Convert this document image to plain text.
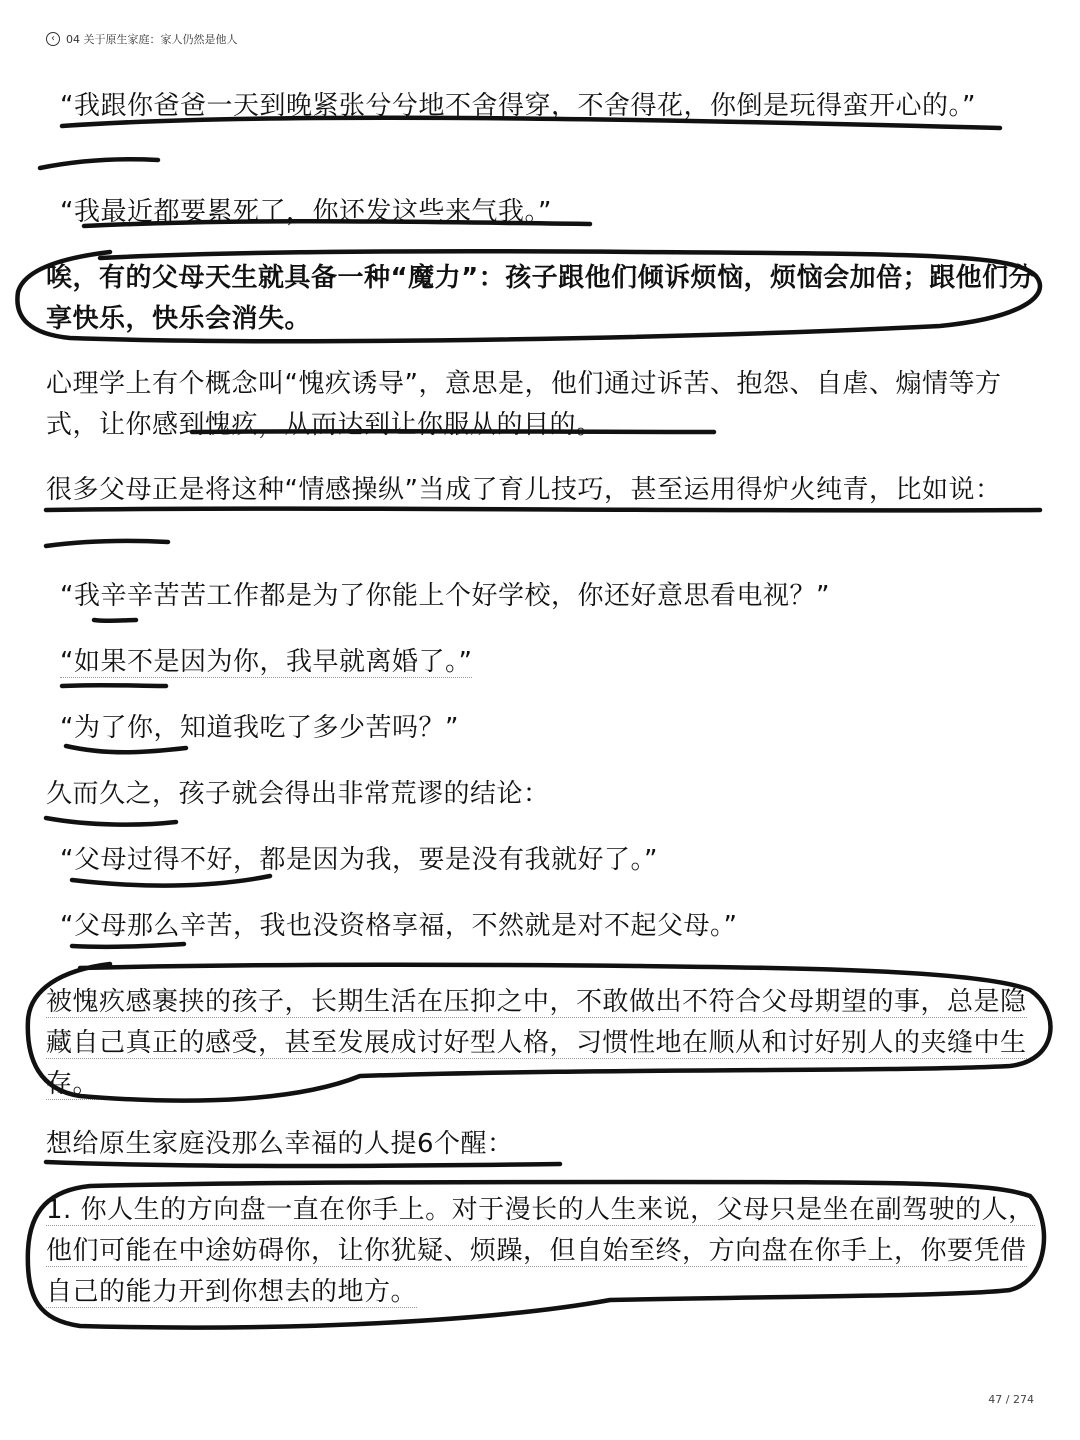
‹	04 关于原生家庭：家人仍然是他人

“我跟你爸爸一天到晚紧张兮兮地不舍得穿，不舍得花，你倒是玩得蛮开心的。”

“我最近都要累死了，你还发这些来气我。”

唉，有的父母天生就具备一种“魔力”：孩子跟他们倾诉烦恼，烦恼会加倍；跟他们分享快乐，快乐会消失。

心理学上有个概念叫“愧疚诱导”，意思是，他们通过诉苦、抱怨、自虐、煽情等方式，让你感到愧疚，从而达到让你服从的目的。

很多父母正是将这种“情感操纵”当成了育儿技巧，甚至运用得炉火纯青，比如说：

“我辛辛苦苦工作都是为了你能上个好学校，你还好意思看电视？”

“如果不是因为你，我早就离婚了。”

“为了你，知道我吃了多少苦吗？”

久而久之，孩子就会得出非常荒谬的结论：

“父母过得不好，都是因为我，要是没有我就好了。”

“父母那么辛苦，我也没资格享福，不然就是对不起父母。”

被愧疚感裹挟的孩子，长期生活在压抑之中，不敢做出不符合父母期望的事，总是隐藏自己真正的感受，甚至发展成讨好型人格，习惯性地在顺从和讨好别人的夹缝中生存。

想给原生家庭没那么幸福的人提6个醒：

1. 你人生的方向盘一直在你手上。对于漫长的人生来说，父母只是坐在副驾驶的人，他们可能在中途妨碍你，让你犹疑、烦躁，但自始至终，方向盘在你手上，你要凭借自己的能力开到你想去的地方。

47 / 274
